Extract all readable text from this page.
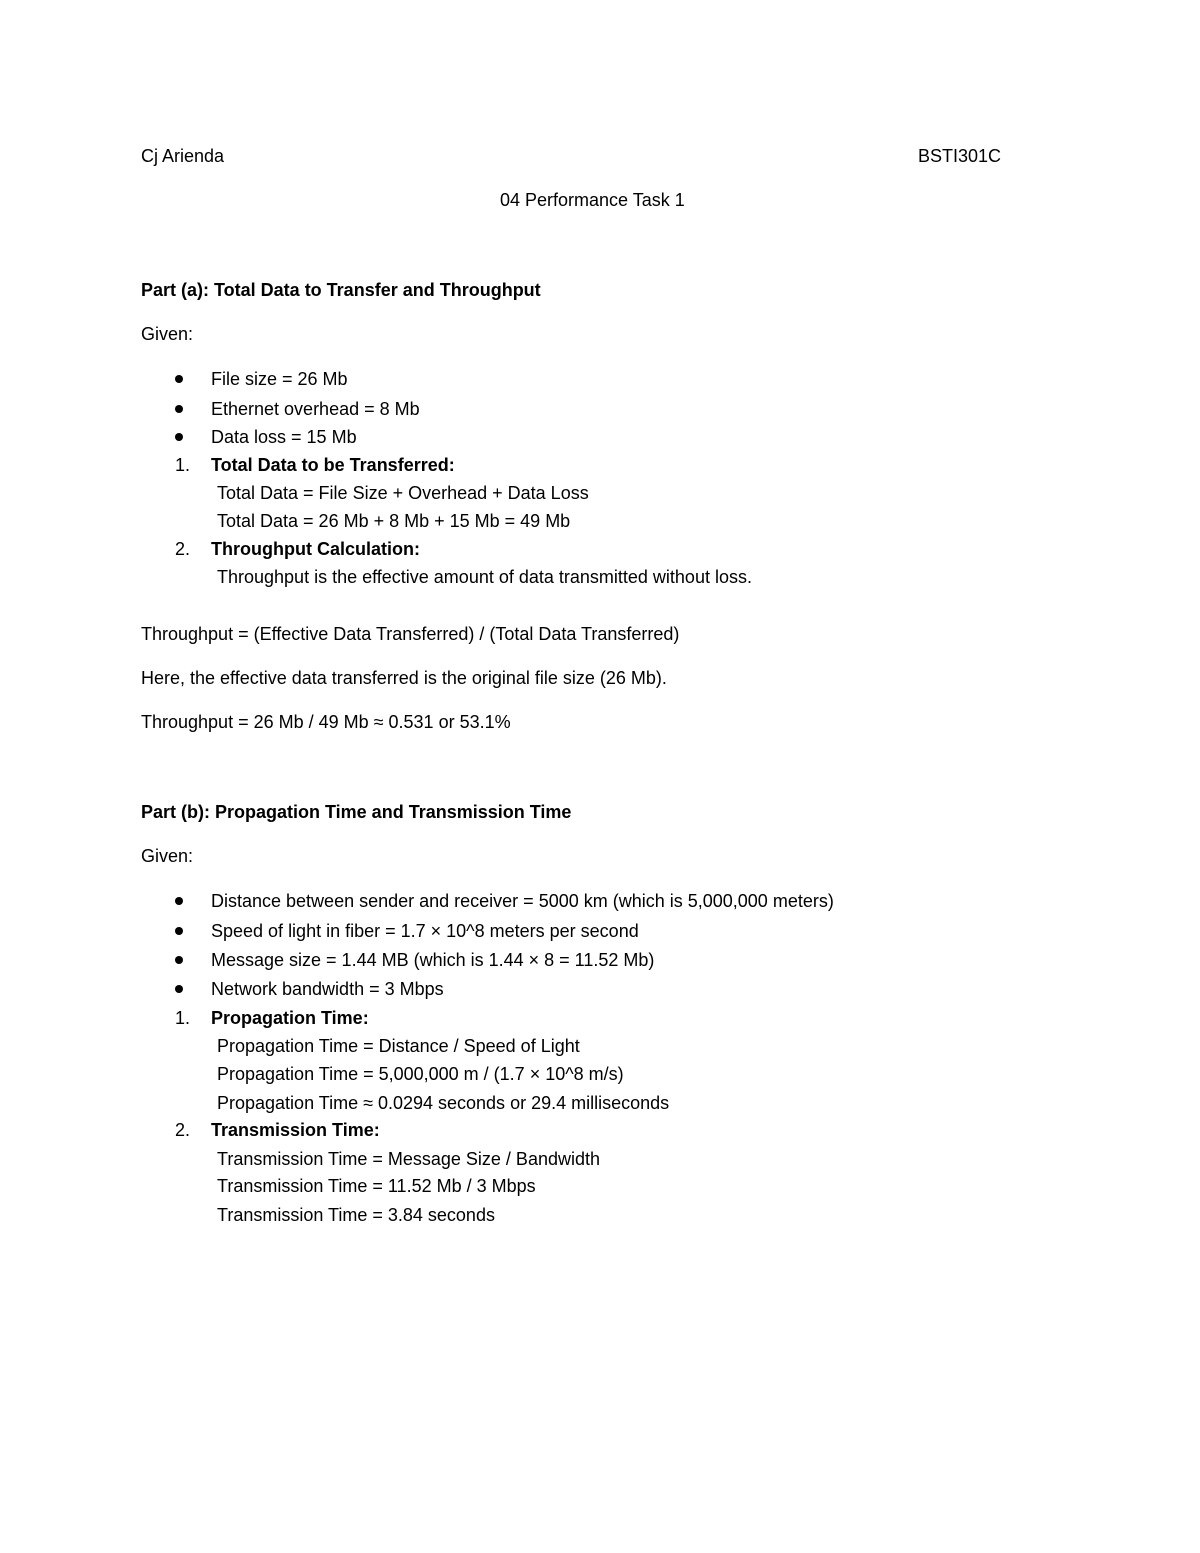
Cj Arienda	BSTI301C
04 Performance Task 1
Part (a): Total Data to Transfer and Throughput
Given:
File size = 26 Mb
Ethernet overhead = 8 Mb
Data loss = 15 Mb
1. Total Data to be Transferred:
Total Data = File Size + Overhead + Data Loss
Total Data = 26 Mb + 8 Mb + 15 Mb = 49 Mb
2. Throughput Calculation:
Throughput is the effective amount of data transmitted without loss.
Throughput = (Effective Data Transferred) / (Total Data Transferred)
Here, the effective data transferred is the original file size (26 Mb).
Throughput = 26 Mb / 49 Mb ≈ 0.531 or 53.1%
Part (b): Propagation Time and Transmission Time
Given:
Distance between sender and receiver = 5000 km (which is 5,000,000 meters)
Speed of light in fiber = 1.7 × 10^8 meters per second
Message size = 1.44 MB (which is 1.44 × 8 = 11.52 Mb)
Network bandwidth = 3 Mbps
1. Propagation Time:
Propagation Time = Distance / Speed of Light
Propagation Time = 5,000,000 m / (1.7 × 10^8 m/s)
Propagation Time ≈ 0.0294 seconds or 29.4 milliseconds
2. Transmission Time:
Transmission Time = Message Size / Bandwidth
Transmission Time = 11.52 Mb / 3 Mbps
Transmission Time = 3.84 seconds
